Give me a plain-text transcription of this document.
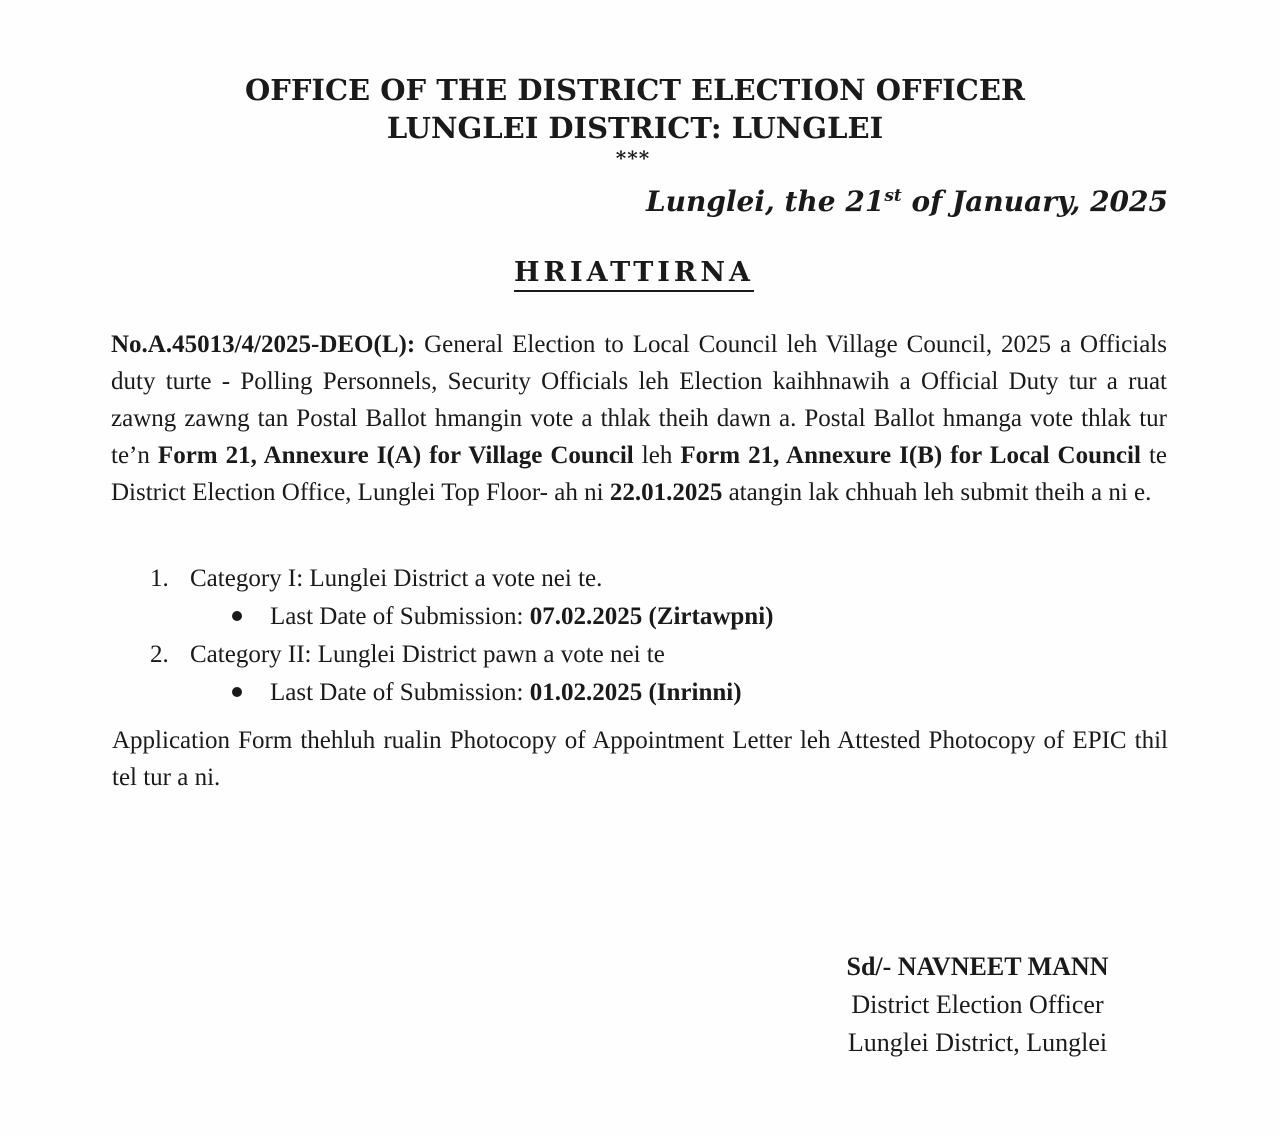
OFFICE OF THE DISTRICT ELECTION OFFICER
LUNGLEI DISTRICT: LUNGLEI
***
Lunglei, the 21st of January, 2025
HRIATTIRNA
No.A.45013/4/2025-DEO(L): General Election to Local Council leh Village Council, 2025 a Officials duty turte - Polling Personnels, Security Officials leh Election kaihhnawih a Official Duty tur a ruat zawng zawng tan Postal Ballot hmangin vote a thlak theih dawn a. Postal Ballot hmanga vote thlak tur te’n Form 21, Annexure I(A) for Village Council leh Form 21, Annexure I(B) for Local Council te District Election Office, Lunglei Top Floor- ah ni 22.01.2025 atangin lak chhuah leh submit theih a ni e.
1. Category I: Lunglei District a vote nei te.
Last Date of Submission: 07.02.2025 (Zirtawpni)
2. Category II: Lunglei District pawn a vote nei te
Last Date of Submission: 01.02.2025 (Inrinni)
Application Form thehluh rualin Photocopy of Appointment Letter leh Attested Photocopy of EPIC thil tel tur a ni.
Sd/- NAVNEET MANN
District Election Officer
Lunglei District, Lunglei
